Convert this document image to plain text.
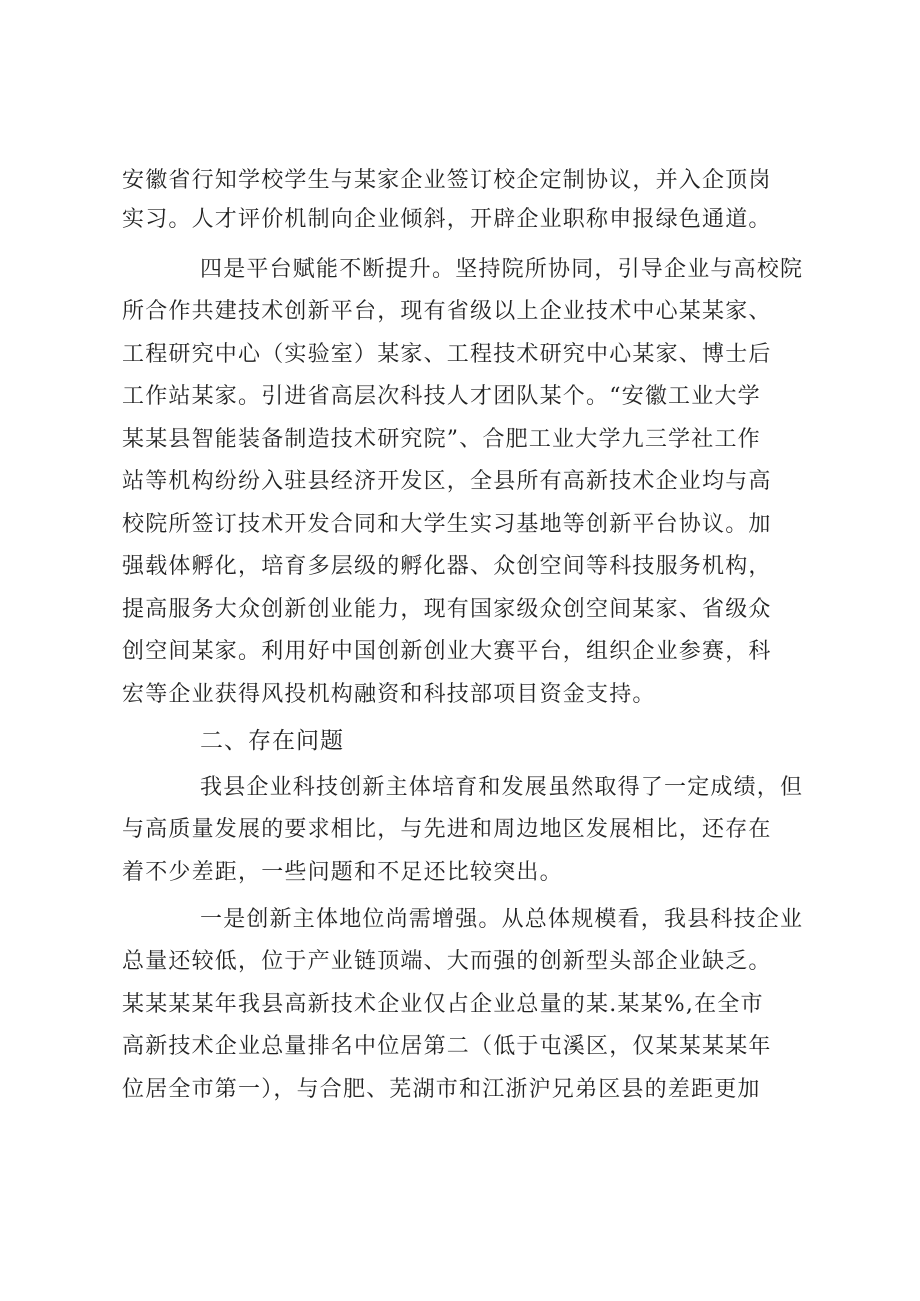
安徽省行知学校学生与某家企业签订校企定制协议，并入企顶岗
实习。人才评价机制向企业倾斜，开辟企业职称申报绿色通道。
四是平台赋能不断提升。坚持院所协同，引导企业与高校院
所合作共建技术创新平台，现有省级以上企业技术中心某某家、
工程研究中心（实验室）某家、工程技术研究中心某家、博士后
工作站某家。引进省高层次科技人才团队某个。“安徽工业大学
某某县智能装备制造技术研究院”、合肥工业大学九三学社工作
站等机构纷纷入驻县经济开发区，全县所有高新技术企业均与高
校院所签订技术开发合同和大学生实习基地等创新平台协议。加
强载体孵化，培育多层级的孵化器、众创空间等科技服务机构，
提高服务大众创新创业能力，现有国家级众创空间某家、省级众
创空间某家。利用好中国创新创业大赛平台，组织企业参赛，科
宏等企业获得风投机构融资和科技部项目资金支持。
二、存在问题
我县企业科技创新主体培育和发展虽然取得了一定成绩，但
与高质量发展的要求相比，与先进和周边地区发展相比，还存在
着不少差距，一些问题和不足还比较突出。
一是创新主体地位尚需增强。从总体规模看，我县科技企业
总量还较低，位于产业链顶端、大而强的创新型头部企业缺乏。
某某某某年我县高新技术企业仅占企业总量的某.某某%,在全市
高新技术企业总量排名中位居第二（低于屯溪区，仅某某某某年
位居全市第一），与合肥、芜湖市和江浙沪兄弟区县的差距更加
